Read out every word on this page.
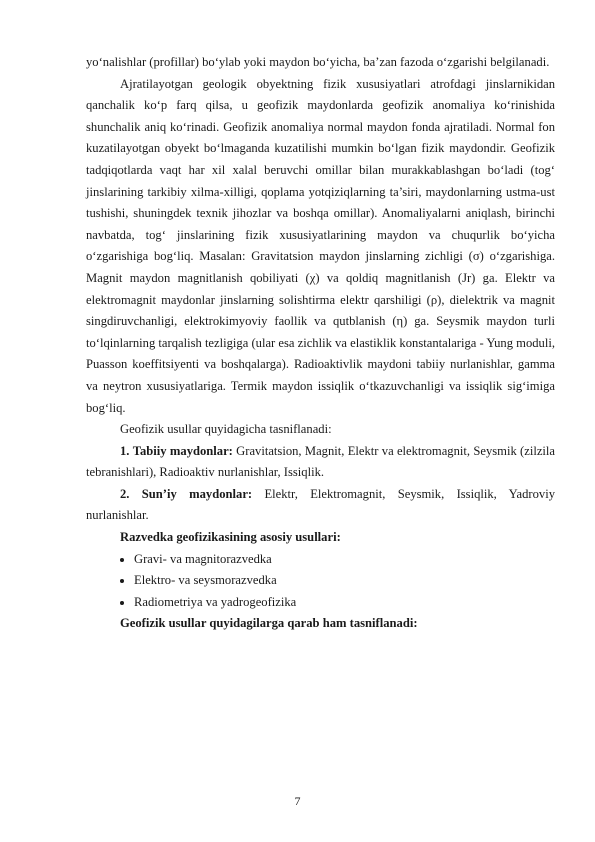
yo‘nalishlar (profillar) bo‘ylab yoki maydon bo‘yicha, ba’zan fazoda o‘zgarishi belgilanadi.

Ajratilayotgan geologik obyektning fizik xususiyatlari atrofdagi jinslarnikidan qanchalik ko‘p farq qilsa, u geofizik maydonlarda geofizik anomaliya ko‘rinishida shunchalik aniq ko‘rinadi. Geofizik anomaliya normal maydon fonda ajratiladi. Normal fon kuzatilayotgan obyekt bo‘lmaganda kuzatilishi mumkin bo‘lgan fizik maydondir. Geofizik tadqiqotlarda vaqt har xil xalal beruvchi omillar bilan murakkablashgan bo‘ladi (tog‘ jinslarining tarkibiy xilma-xilligi, qoplama yotqiziqlarning ta’siri, maydonlarning ustma-ust tushishi, shuningdek texnik jihozlar va boshqa omillar). Anomaliyalarni aniqlash, birinchi navbatda, tog‘ jinslarining fizik xususiyatlarining maydon va chuqurlik bo‘yicha o‘zgarishiga bog‘liq. Masalan: Gravitatsion maydon jinslarning zichligi (σ) o‘zgarishiga. Magnit maydon magnitlanish qobiliyati (χ) va qoldiq magnitlanish (Jr) ga. Elektr va elektromagnit maydonlar jinslarning solishtirma elektr qarshiligi (ρ), dielektrik va magnit singdiruvchanligi, elektrokimyoviy faollik va qutblanish (η) ga. Seysmik maydon turli to‘lqinlarning tarqalish tezligiga (ular esa zichlik va elastiklik konstantalariga - Yung moduli, Puasson koeffitsiyenti va boshqalarga). Radioaktivlik maydoni tabiiy nurlanishlar, gamma va neytron xususiyatlariga. Termik maydon issiqlik o‘tkazuvchanligi va issiqlik sig‘imiga bog‘liq.

Geofizik usullar quyidagicha tasniflanadi:

1. Tabiiy maydonlar: Gravitatsion, Magnit, Elektr va elektromagnit, Seysmik (zilzila tebranishlari), Radioaktiv nurlanishlar, Issiqlik.

2. Sun’iy maydonlar: Elektr, Elektromagnit, Seysmik, Issiqlik, Yadroviy nurlanishlar.

Razvedka geofizikasining asosiy usullari:

Gravi- va magnitorazvedka
Elektro- va seysmorazvedka
Radiometriya va yadrogeofizika

Geofizik usullar quyidagilarga qarab ham tasniflanadi:

7
